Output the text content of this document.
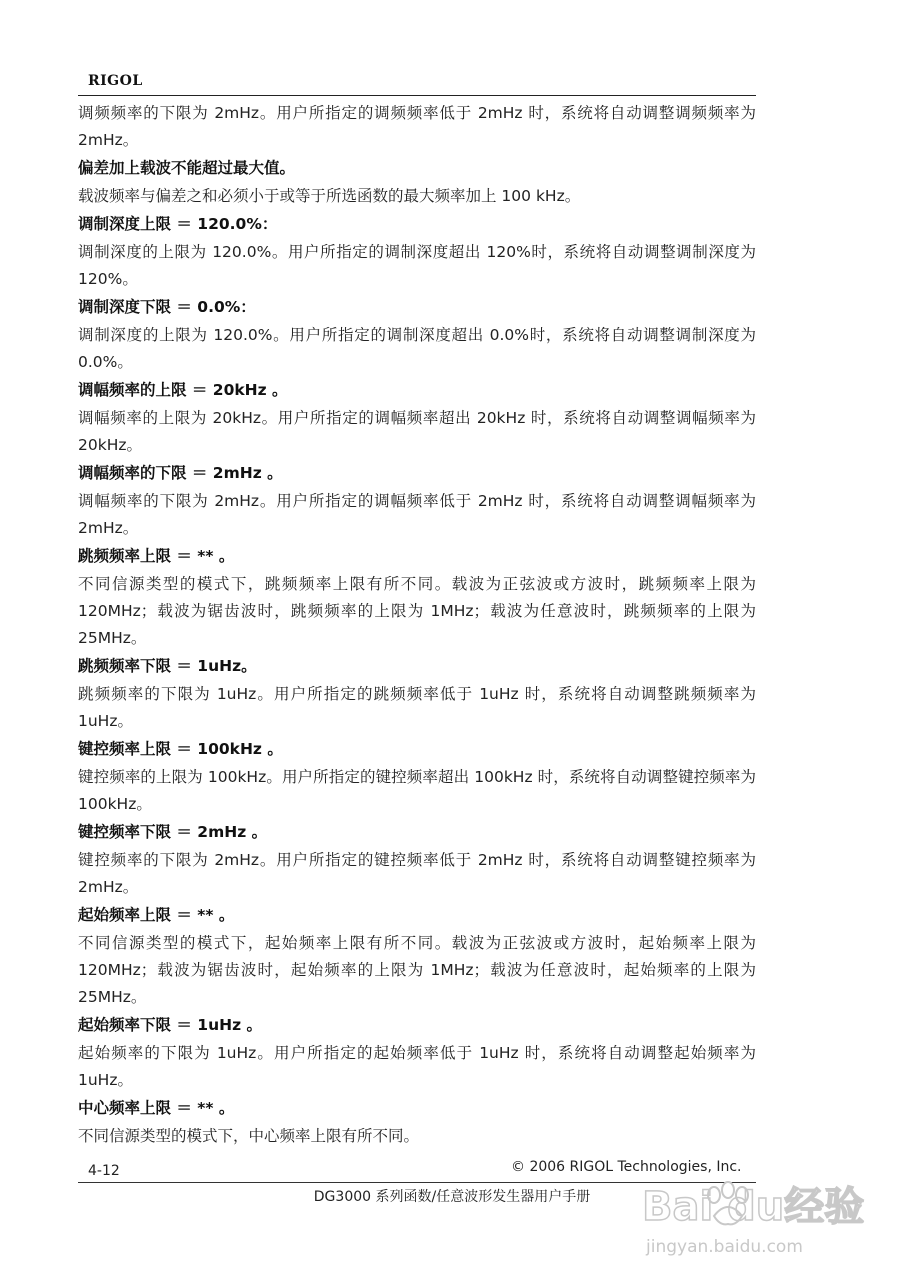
RIGOL

调频频率的下限为 2mHz。用户所指定的调频频率低于 2mHz 时，系统将自动调整调频频率为 2mHz。

偏差加上载波不能超过最大值。

载波频率与偏差之和必须小于或等于所选函数的最大频率加上 100 kHz。

调制深度上限 ＝ 120.0%：

调制深度的上限为 120.0%。用户所指定的调制深度超出 120%时，系统将自动调整调制深度为 120%。

调制深度下限 ＝ 0.0%：

调制深度的上限为 120.0%。用户所指定的调制深度超出 0.0%时，系统将自动调整调制深度为 0.0%。

调幅频率的上限 ＝ 20kHz 。

调幅频率的上限为 20kHz。用户所指定的调幅频率超出 20kHz 时，系统将自动调整调幅频率为 20kHz。

调幅频率的下限 ＝ 2mHz 。

调幅频率的下限为 2mHz。用户所指定的调幅频率低于 2mHz 时，系统将自动调整调幅频率为 2mHz。

跳频频率上限 ＝ ** 。

不同信源类型的模式下，跳频频率上限有所不同。载波为正弦波或方波时，跳频频率上限为 120MHz；载波为锯齿波时，跳频频率的上限为 1MHz；载波为任意波时，跳频频率的上限为 25MHz。

跳频频率下限 ＝ 1uHz。

跳频频率的下限为 1uHz。用户所指定的跳频频率低于 1uHz 时，系统将自动调整跳频频率为 1uHz。

键控频率上限 ＝ 100kHz 。

键控频率的上限为 100kHz。用户所指定的键控频率超出 100kHz 时，系统将自动调整键控频率为 100kHz。

键控频率下限 ＝ 2mHz 。

键控频率的下限为 2mHz。用户所指定的键控频率低于 2mHz 时，系统将自动调整键控频率为 2mHz。

起始频率上限 ＝ ** 。

不同信源类型的模式下，起始频率上限有所不同。载波为正弦波或方波时，起始频率上限为 120MHz；载波为锯齿波时，起始频率的上限为 1MHz；载波为任意波时，起始频率的上限为 25MHz。

起始频率下限 ＝ 1uHz 。

起始频率的下限为 1uHz。用户所指定的起始频率低于 1uHz 时，系统将自动调整起始频率为 1uHz。

中心频率上限 ＝ ** 。

不同信源类型的模式下，中心频率上限有所不同。

4-12	© 2006 RIGOL Technologies, Inc.
DG3000 系列函数/任意波形发生器用户手册	Bai du经验
jingyan.baidu.com
